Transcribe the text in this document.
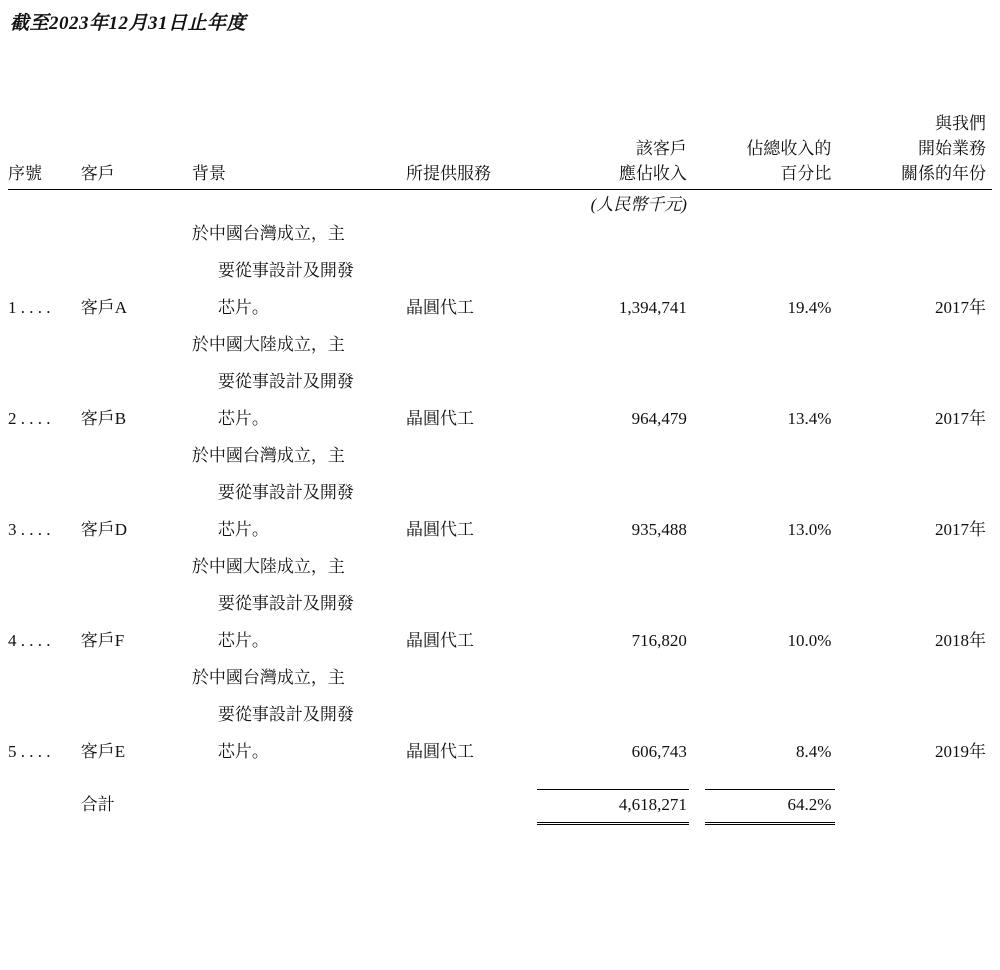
截至2023年12月31日止年度
						與我們
				該客戶	佔總收入的	開始業務
序號	客戶	背景	所提供服務	應佔收入	百分比	關係的年份
				(人民幣千元)		
1 . . . .	客戶A	於中國台灣成立，主
要從事設計及開發
芯片。	晶圓代工	1,394,741	19.4%	2017年
2 . . . .	客戶B	於中國大陸成立，主
要從事設計及開發
芯片。	晶圓代工	964,479	13.4%	2017年
3 . . . .	客戶D	於中國台灣成立，主
要從事設計及開發
芯片。	晶圓代工	935,488	13.0%	2017年
4 . . . .	客戶F	於中國大陸成立，主
要從事設計及開發
芯片。	晶圓代工	716,820	10.0%	2018年
5 . . . .	客戶E	於中國台灣成立，主
要從事設計及開發
芯片。	晶圓代工	606,743	8.4%	2019年

	合計			4,618,271	64.2%	
